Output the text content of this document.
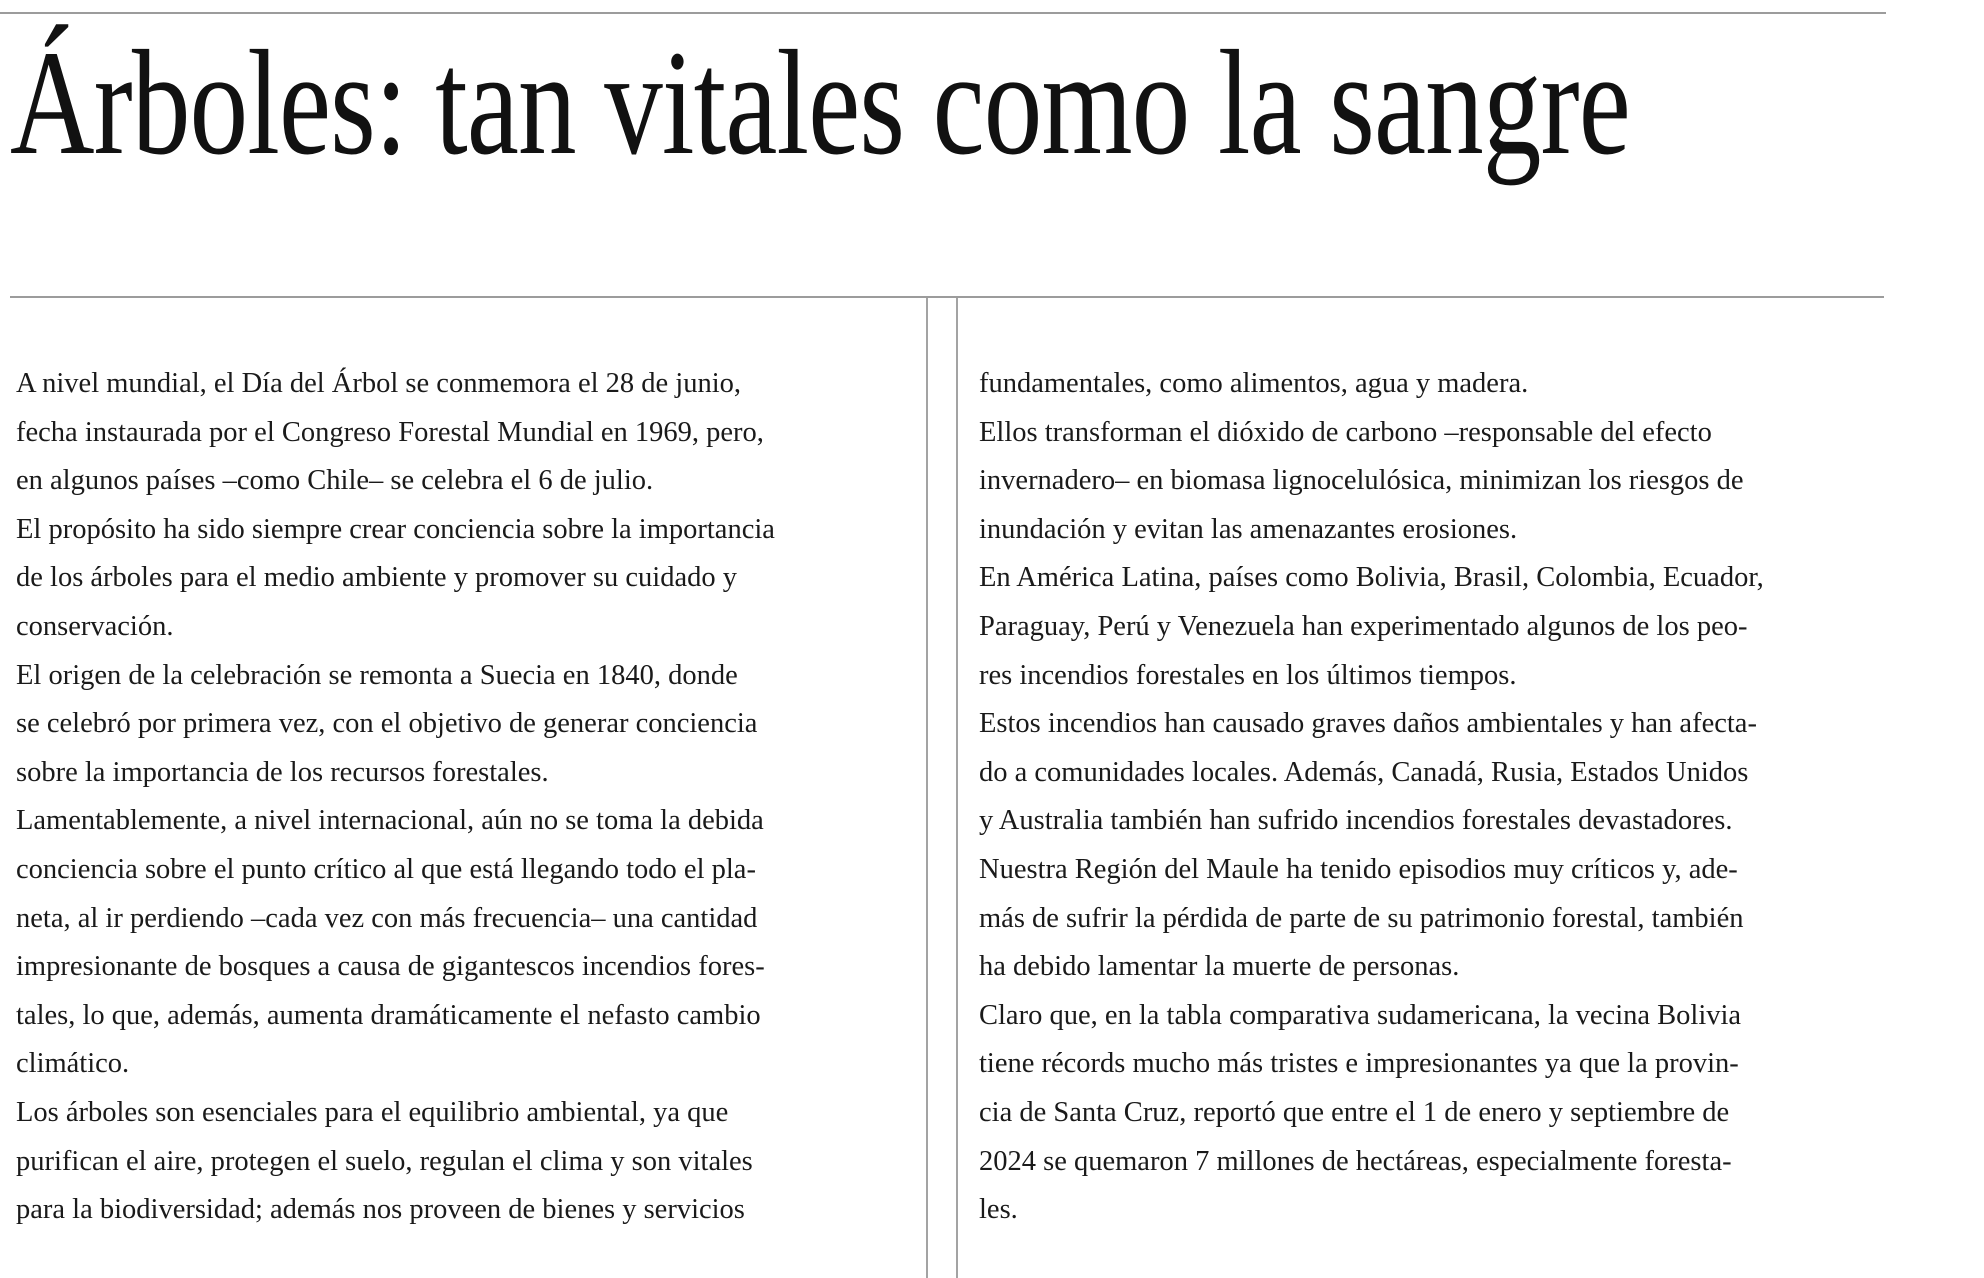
Árboles: tan vitales como la sangre
A nivel mundial, el Día del Árbol se conmemora el 28 de junio,
fecha instaurada por el Congreso Forestal Mundial en 1969, pero,
en algunos países –como Chile– se celebra el 6 de julio.
El propósito ha sido siempre crear conciencia sobre la importancia
de los árboles para el medio ambiente y promover su cuidado y
conservación.
El origen de la celebración se remonta a Suecia en 1840, donde
se celebró por primera vez, con el objetivo de generar conciencia
sobre la importancia de los recursos forestales.
Lamentablemente, a nivel internacional, aún no se toma la debida
conciencia sobre el punto crítico al que está llegando todo el pla-
neta, al ir perdiendo –cada vez con más frecuencia– una cantidad
impresionante de bosques a causa de gigantescos incendios fores-
tales, lo que, además, aumenta dramáticamente el nefasto cambio
climático.
Los árboles son esenciales para el equilibrio ambiental, ya que
purifican el aire, protegen el suelo, regulan el clima y son vitales
para la biodiversidad; además nos proveen de bienes y servicios
fundamentales, como alimentos, agua y madera.
Ellos transforman el dióxido de carbono –responsable del efecto
invernadero– en biomasa lignocelulósica, minimizan los riesgos de
inundación y evitan las amenazantes erosiones.
En América Latina, países como Bolivia, Brasil, Colombia, Ecuador,
Paraguay, Perú y Venezuela han experimentado algunos de los peo-
res incendios forestales en los últimos tiempos.
Estos incendios han causado graves daños ambientales y han afecta-
do a comunidades locales. Además, Canadá, Rusia, Estados Unidos
y Australia también han sufrido incendios forestales devastadores.
Nuestra Región del Maule ha tenido episodios muy críticos y, ade-
más de sufrir la pérdida de parte de su patrimonio forestal, también
ha debido lamentar la muerte de personas.
Claro que, en la tabla comparativa sudamericana, la vecina Bolivia
tiene récords mucho más tristes e impresionantes ya que la provin-
cia de Santa Cruz, reportó que entre el 1 de enero y septiembre de
2024 se quemaron 7 millones de hectáreas, especialmente foresta-
les.
